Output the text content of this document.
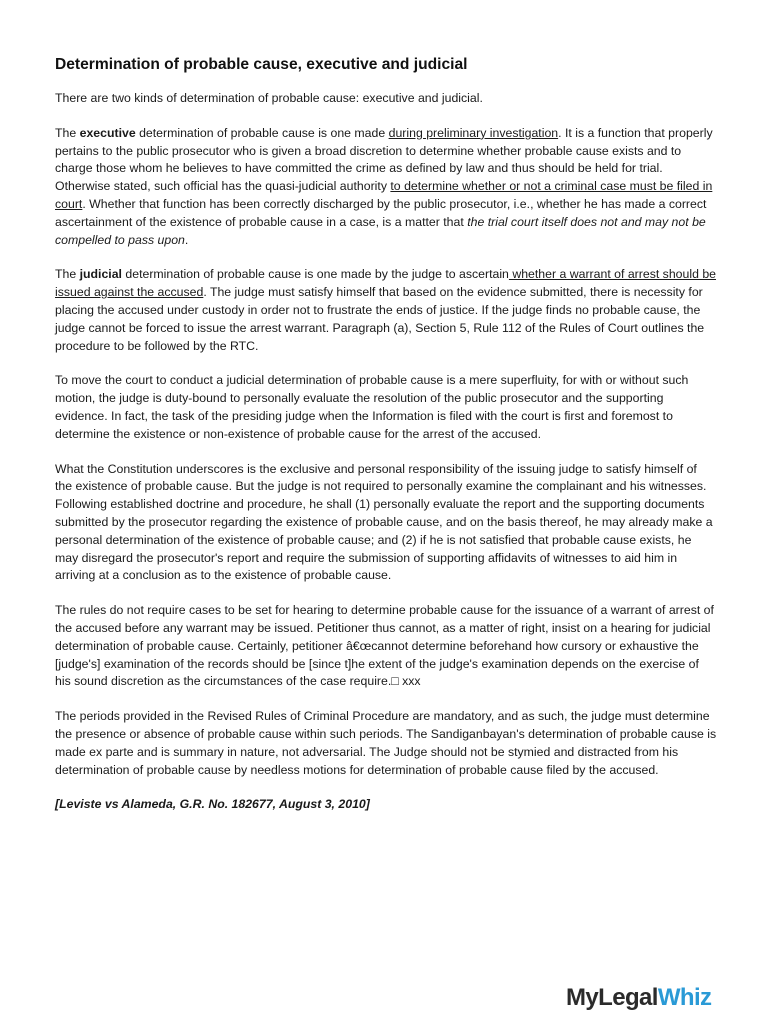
Determination of probable cause, executive and judicial

There are two kinds of determination of probable cause: executive and judicial.

The executive determination of probable cause is one made during preliminary investigation. It is a function that properly pertains to the public prosecutor who is given a broad discretion to determine whether probable cause exists and to charge those whom he believes to have committed the crime as defined by law and thus should be held for trial. Otherwise stated, such official has the quasi-judicial authority to determine whether or not a criminal case must be filed in court. Whether that function has been correctly discharged by the public prosecutor, i.e., whether he has made a correct ascertainment of the existence of probable cause in a case, is a matter that the trial court itself does not and may not be compelled to pass upon.

The judicial determination of probable cause is one made by the judge to ascertain whether a warrant of arrest should be issued against the accused. The judge must satisfy himself that based on the evidence submitted, there is necessity for placing the accused under custody in order not to frustrate the ends of justice. If the judge finds no probable cause, the judge cannot be forced to issue the arrest warrant. Paragraph (a), Section 5, Rule 112 of the Rules of Court outlines the procedure to be followed by the RTC.

To move the court to conduct a judicial determination of probable cause is a mere superfluity, for with or without such motion, the judge is duty-bound to personally evaluate the resolution of the public prosecutor and the supporting evidence. In fact, the task of the presiding judge when the Information is filed with the court is first and foremost to determine the existence or non-existence of probable cause for the arrest of the accused.

What the Constitution underscores is the exclusive and personal responsibility of the issuing judge to satisfy himself of the existence of probable cause. But the judge is not required to personally examine the complainant and his witnesses. Following established doctrine and procedure, he shall (1) personally evaluate the report and the supporting documents submitted by the prosecutor regarding the existence of probable cause, and on the basis thereof, he may already make a personal determination of the existence of probable cause; and (2) if he is not satisfied that probable cause exists, he may disregard the prosecutor's report and require the submission of supporting affidavits of witnesses to aid him in arriving at a conclusion as to the existence of probable cause.

The rules do not require cases to be set for hearing to determine probable cause for the issuance of a warrant of arrest of the accused before any warrant may be issued. Petitioner thus cannot, as a matter of right, insist on a hearing for judicial determination of probable cause. Certainly, petitioner â€œcannot determine beforehand how cursory or exhaustive the [judge's] examination of the records should be [since t]he extent of the judge's examination depends on the exercise of his sound discretion as the circumstances of the case require.□ xxx

The periods provided in the Revised Rules of Criminal Procedure are mandatory, and as such, the judge must determine the presence or absence of probable cause within such periods. The Sandiganbayan's determination of probable cause is made ex parte and is summary in nature, not adversarial. The Judge should not be stymied and distracted from his determination of probable cause by needless motions for determination of probable cause filed by the accused.

[Leviste vs Alameda, G.R. No. 182677, August 3, 2010]

MyLegalWhiz
